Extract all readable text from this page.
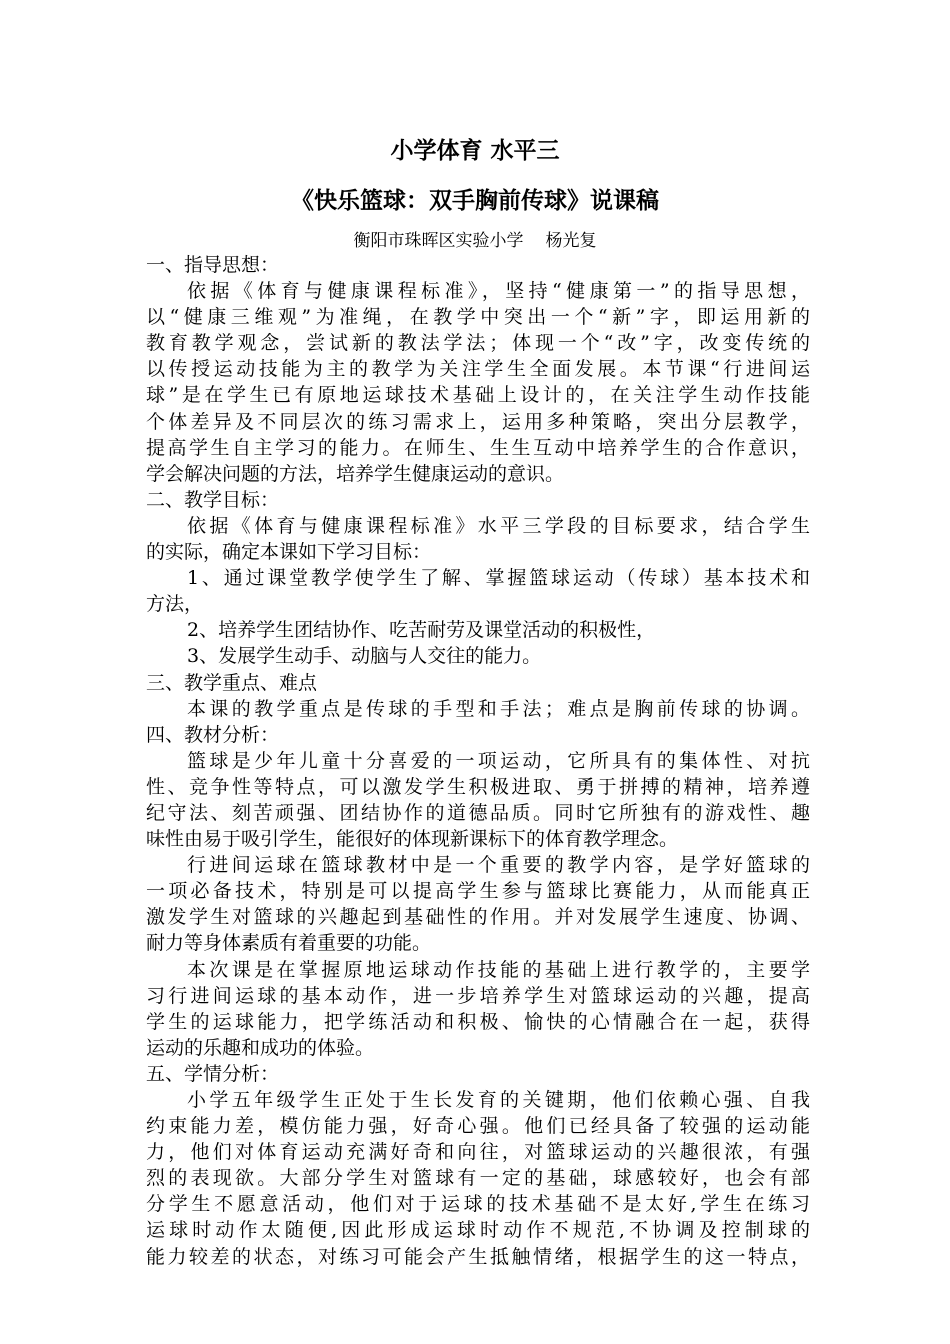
小学体育 水平三
《快乐篮球：双手胸前传球》说课稿
衡阳市珠晖区实验小学 杨光复
一、指导思想：
依据《体育与健康课程标准》，坚持“健康第一”的指导思想，
以“健康三维观”为准绳，在教学中突出一个“新”字，即运用新的
教育教学观念，尝试新的教法学法；体现一个“改”字，改变传统的
以传授运动技能为主的教学为关注学生全面发展。本节课“行进间运
球”是在学生已有原地运球技术基础上设计的，在关注学生动作技能
个体差异及不同层次的练习需求上，运用多种策略，突出分层教学，
提高学生自主学习的能力。在师生、生生互动中培养学生的合作意识，
学会解决问题的方法，培养学生健康运动的意识。
二、教学目标：
依据《体育与健康课程标准》水平三学段的目标要求，结合学生
的实际，确定本课如下学习目标：
1、通过课堂教学使学生了解、掌握篮球运动（传球）基本技术和
方法，
2、培养学生团结协作、吃苦耐劳及课堂活动的积极性，
3、发展学生动手、动脑与人交往的能力。
三、教学重点、难点
本课的教学重点是传球的手型和手法；难点是胸前传球的协调。
四、教材分析：
篮球是少年儿童十分喜爱的一项运动，它所具有的集体性、对抗
性、竞争性等特点，可以激发学生积极进取、勇于拼搏的精神，培养遵
纪守法、刻苦顽强、团结协作的道德品质。同时它所独有的游戏性、趣
味性由易于吸引学生，能很好的体现新课标下的体育教学理念。
行进间运球在篮球教材中是一个重要的教学内容，是学好篮球的
一项必备技术，特别是可以提高学生参与篮球比赛能力，从而能真正
激发学生对篮球的兴趣起到基础性的作用。并对发展学生速度、协调、
耐力等身体素质有着重要的功能。
本次课是在掌握原地运球动作技能的基础上进行教学的，主要学
习行进间运球的基本动作，进一步培养学生对篮球运动的兴趣，提高
学生的运球能力，把学练活动和积极、愉快的心情融合在一起，获得
运动的乐趣和成功的体验。
五、学情分析：
小学五年级学生正处于生长发育的关键期，他们依赖心强、自我
约束能力差，模仿能力强，好奇心强。他们已经具备了较强的运动能
力，他们对体育运动充满好奇和向往，对篮球运动的兴趣很浓，有强
烈的表现欲。大部分学生对篮球有一定的基础，球感较好，也会有部
分学生不愿意活动，他们对于运球的技术基础不是太好,学生在练习
运球时动作太随便,因此形成运球时动作不规范,不协调及控制球的
能力较差的状态，对练习可能会产生抵触情绪，根据学生的这一特点，
